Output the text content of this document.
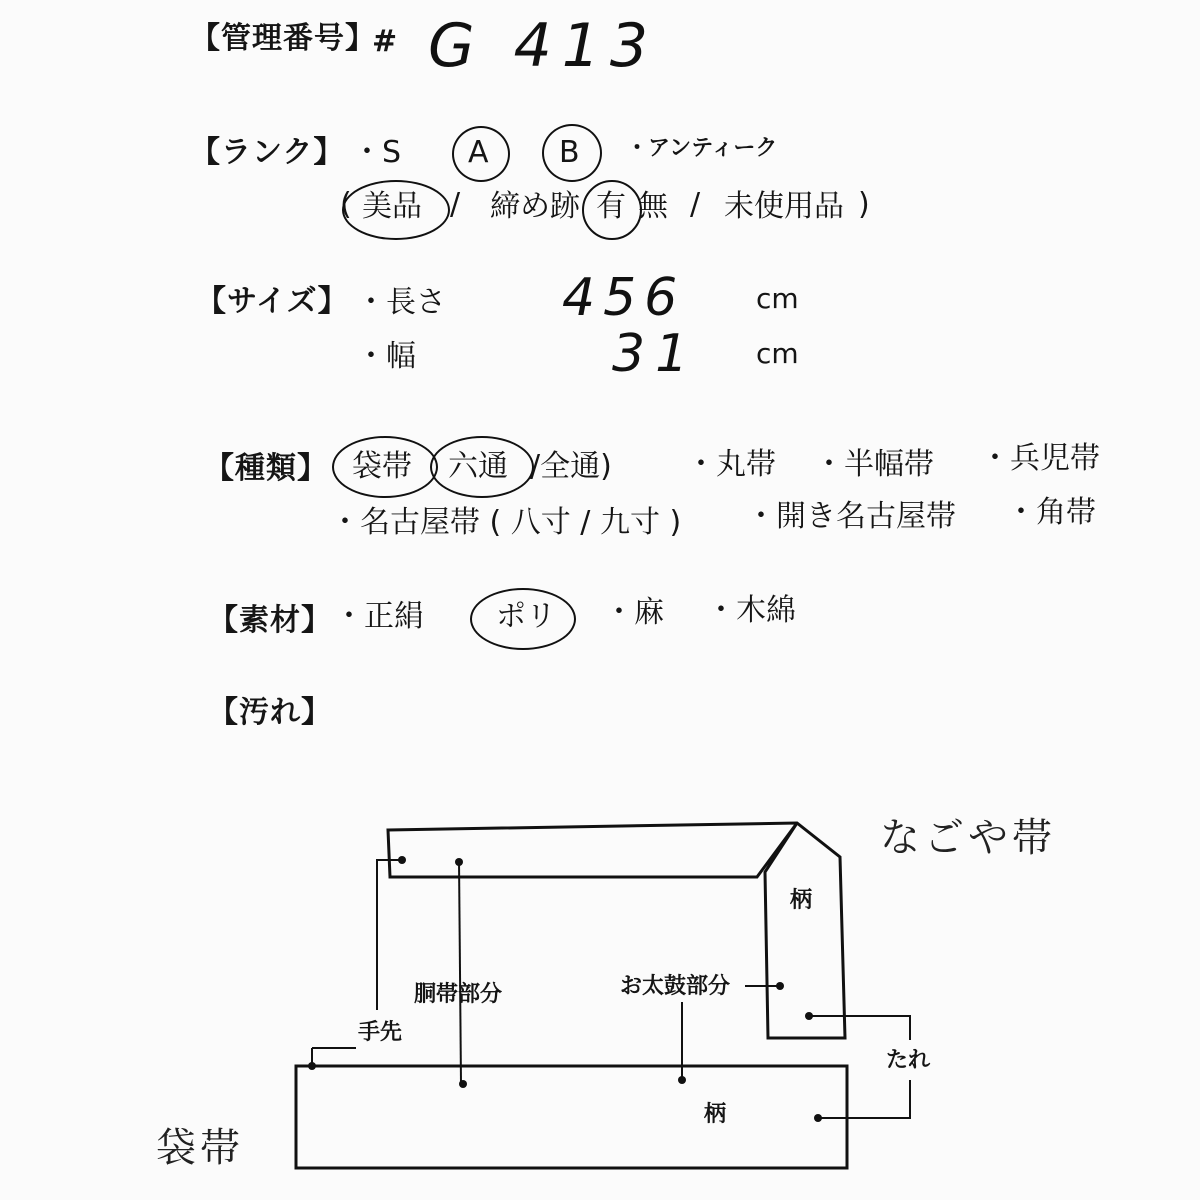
【管理番号】
# G 413
【ランク】 ・S A B ・アンティーク
( 美品 / 締め跡 有 無 / 未使用品 )
【サイズ】 ・長さ 456	cm
・幅	31 cm
【種類】 袋帯 六通 /全通) ・丸帯 ・半幅帯 ・兵児帯
・名古屋帯 ( 八寸 / 九寸 ) ・開き名古屋帯 ・角帯
【素材】 ・正絹 ポリ ・麻 ・木綿
【汚れ】
なごや帯
袋帯
柄
柄
胴帯部分	お太鼓部分
手先
たれ
